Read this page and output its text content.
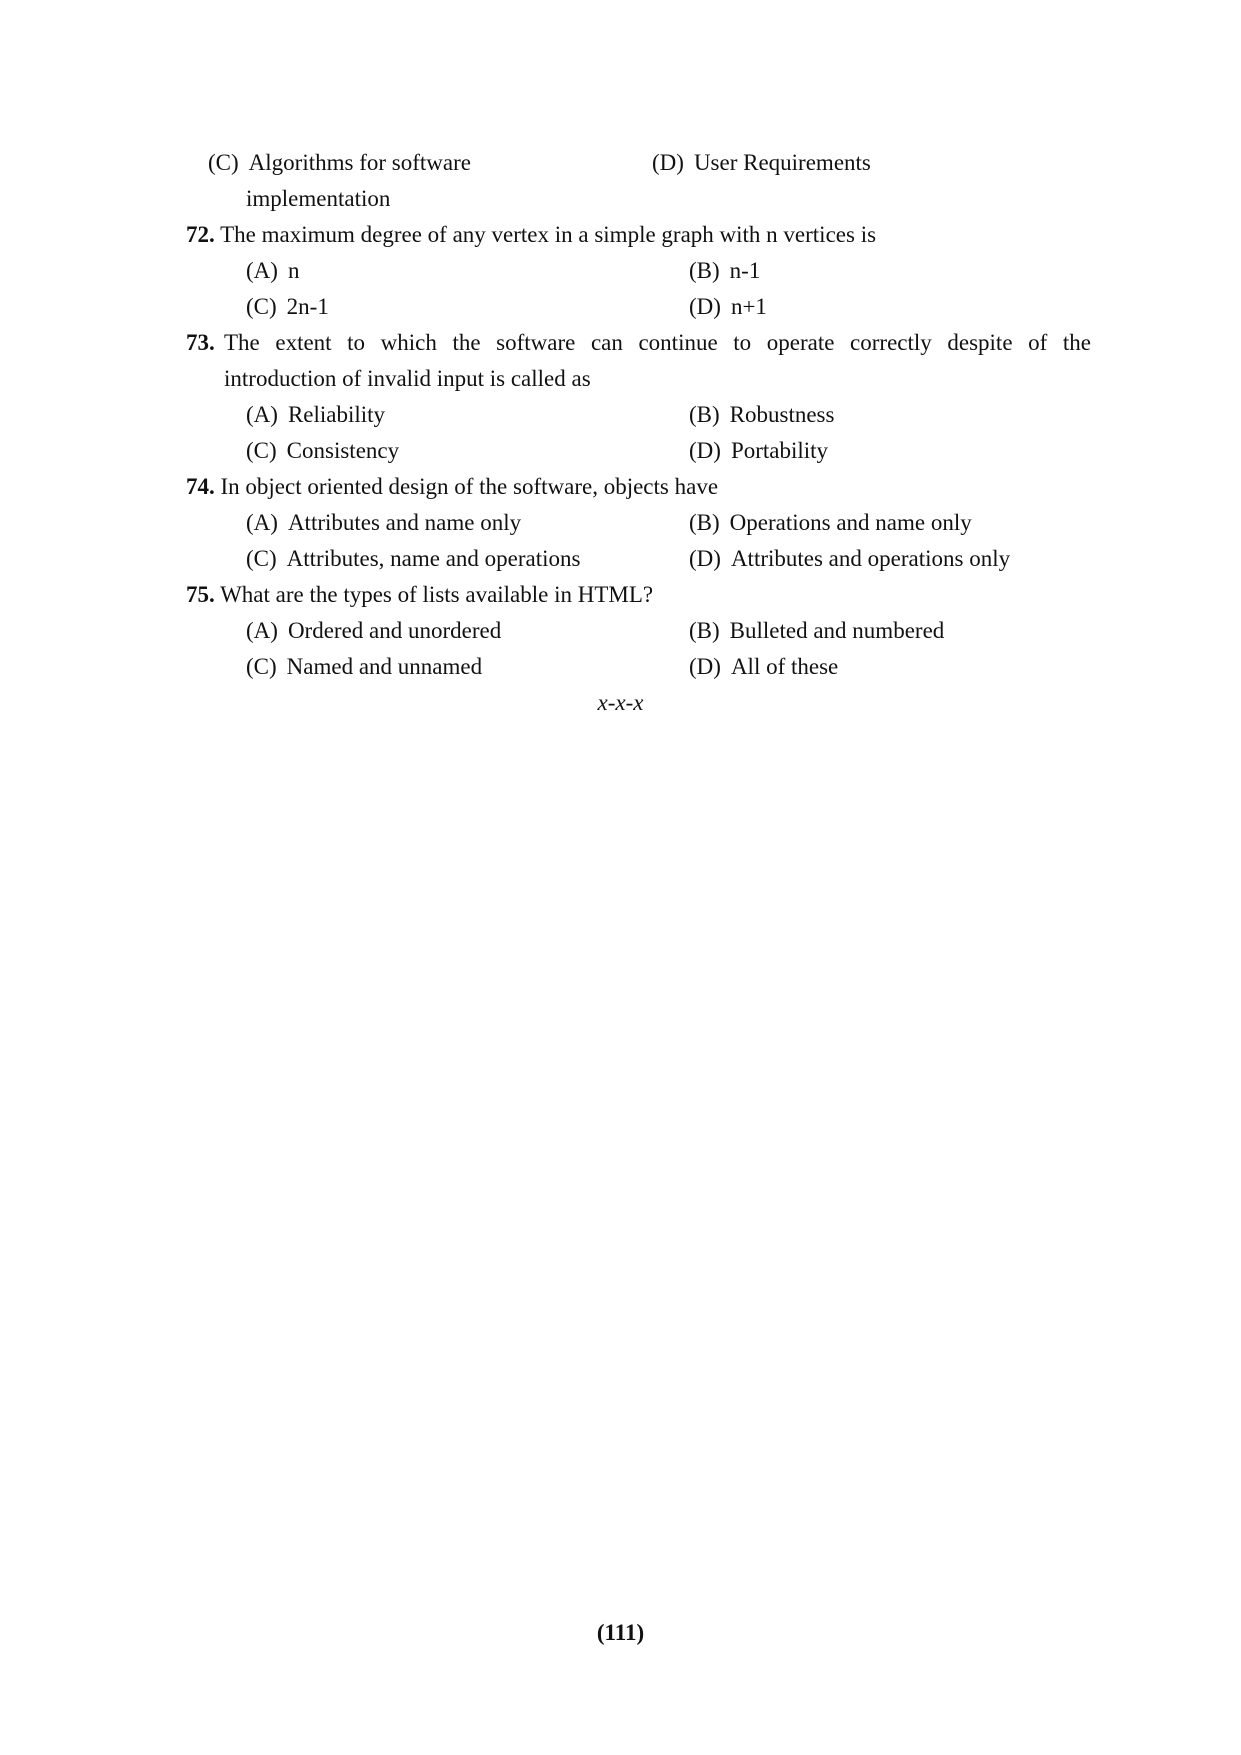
(C) Algorithms for software	(D) User Requirements
implementation
72. The maximum degree of any vertex in a simple graph with n vertices is
(A) n	(B) n-1
(C) 2n-1	(D) n+1
73. The extent to which the software can continue to operate correctly despite of the
introduction of invalid input is called as
(A) Reliability	(B) Robustness
(C) Consistency	(D) Portability
74. In object oriented design of the software, objects have
(A) Attributes and name only	(B) Operations and name only
(C) Attributes, name and operations	(D) Attributes and operations only
75. What are the types of lists available in HTML?
(A) Ordered and unordered	(B) Bulleted and numbered
(C) Named and unnamed	(D) All of these
x-x-x
(111)
